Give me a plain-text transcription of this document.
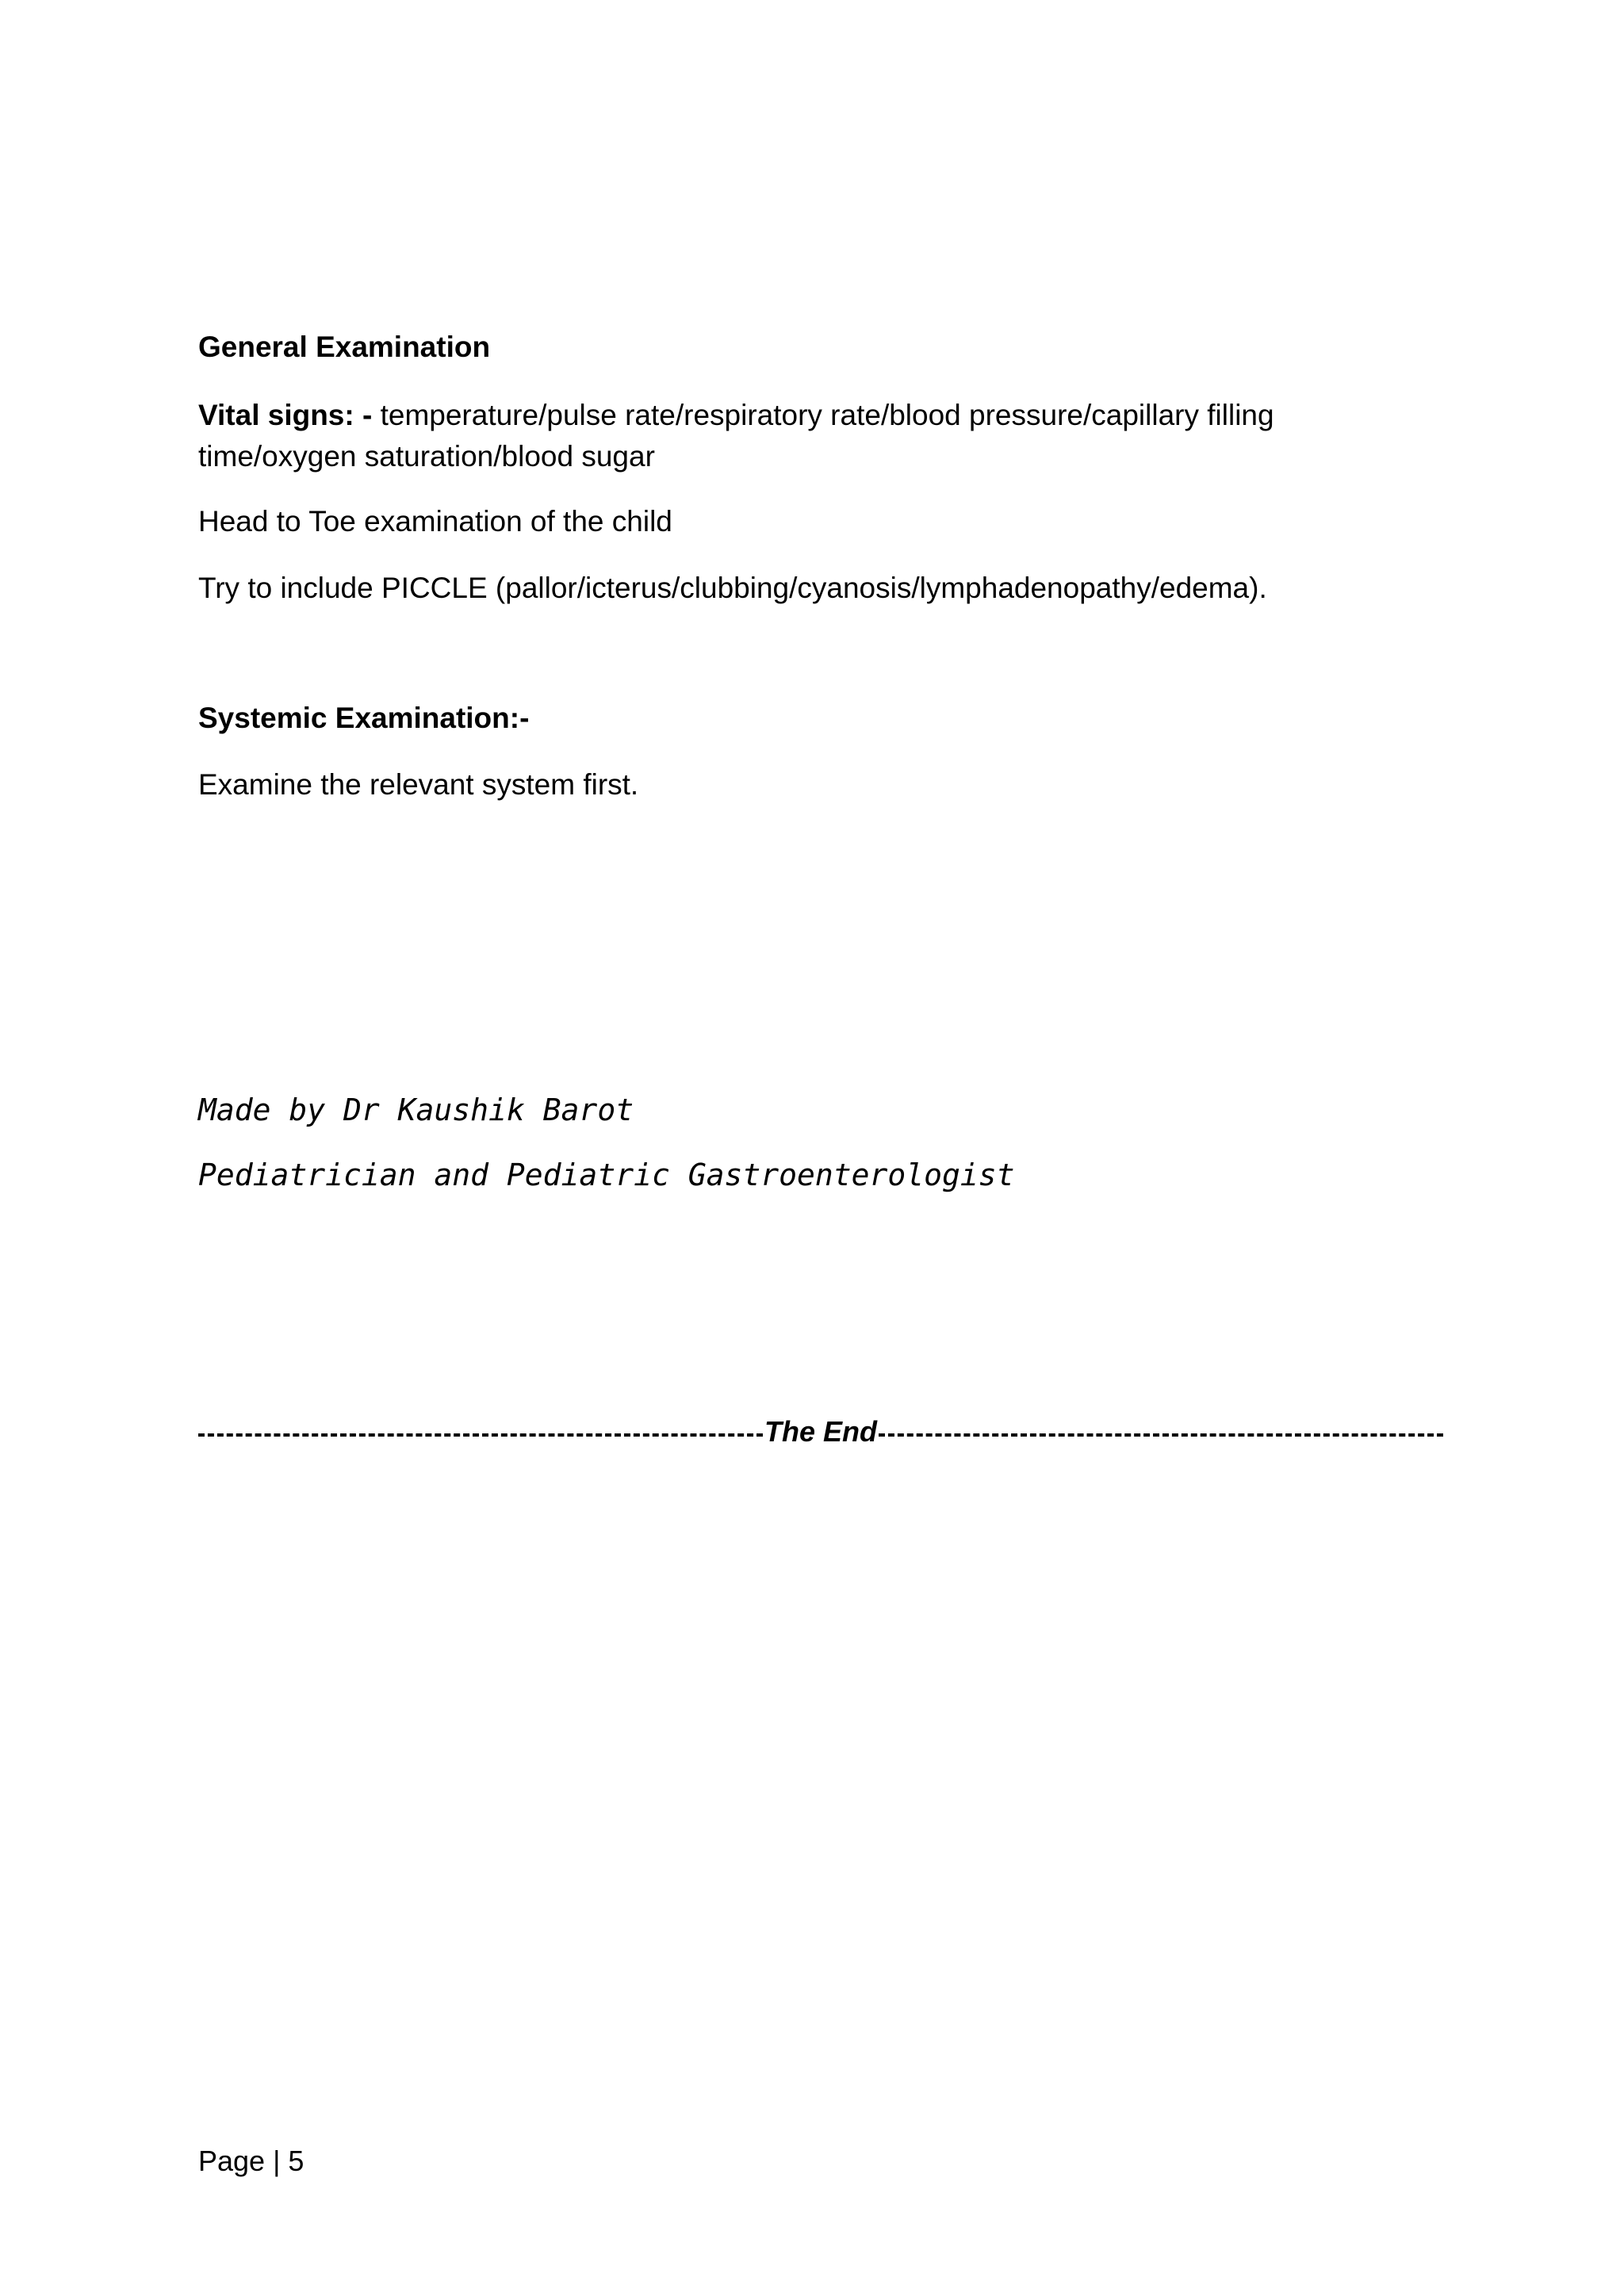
General Examination
Vital signs: - temperature/pulse rate/respiratory rate/blood pressure/capillary filling time/oxygen saturation/blood sugar
Head to Toe examination of the child
Try to include PICCLE (pallor/icterus/clubbing/cyanosis/lymphadenopathy/edema).
Systemic Examination:-
Examine the relevant system first.
Made by Dr Kaushik Barot
Pediatrician and Pediatric Gastroenterologist
The End
Page | 5
